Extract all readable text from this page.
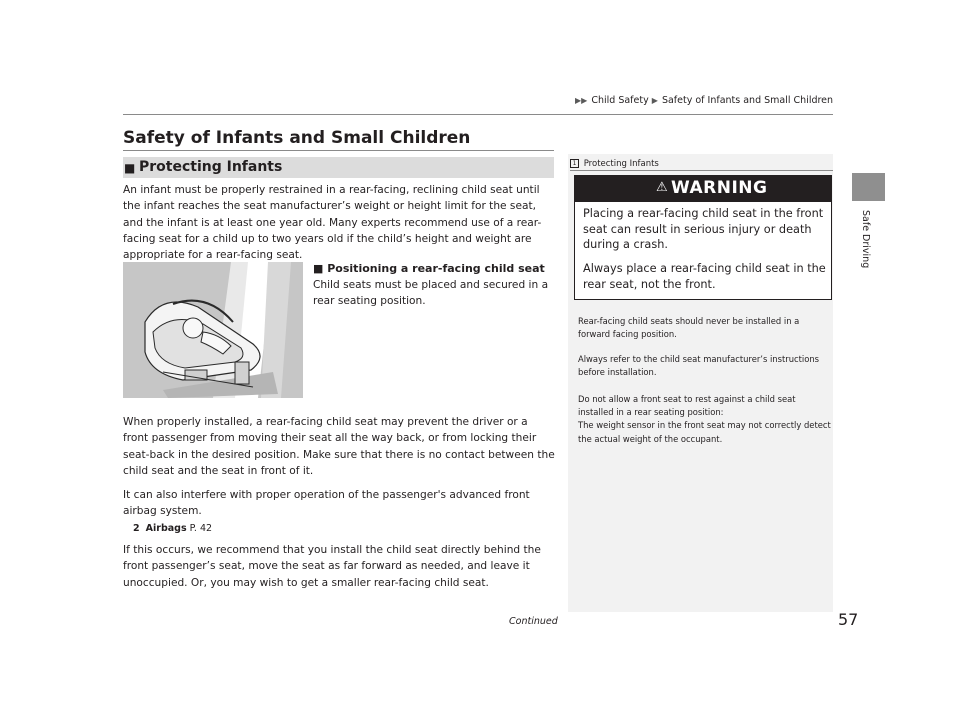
▶▶ Child Safety ▶ Safety of Infants and Small Children
Safe Driving
Safety of Infants and Small Children
■ Protecting Infants
An infant must be properly restrained in a rear-facing, reclining child seat until the infant reaches the seat manufacturer’s weight or height limit for the seat, and the infant is at least one year old. Many experts recommend use of a rear-facing seat for a child up to two years old if the child’s height and weight are appropriate for a rear-facing seat.
■ Positioning a rear-facing child seat
Child seats must be placed and secured in a rear seating position.
When properly installed, a rear-facing child seat may prevent the driver or a front passenger from moving their seat all the way back, or from locking their seat-back in the desired position. Make sure that there is no contact between the child seat and the seat in front of it.
It can also interfere with proper operation of the passenger's advanced front airbag system.
2 Airbags P. 42
If this occurs, we recommend that you install the child seat directly behind the front passenger’s seat, move the seat as far forward as needed, and leave it unoccupied. Or, you may wish to get a smaller rear-facing child seat.
1 Protecting Infants
⚠ WARNING
Placing a rear-facing child seat in the front seat can result in serious injury or death during a crash.
Always place a rear-facing child seat in the rear seat, not the front.
Rear-facing child seats should never be installed in a forward facing position.
Always refer to the child seat manufacturer’s instructions before installation.
Do not allow a front seat to rest against a child seat installed in a rear seating position:
The weight sensor in the front seat may not correctly detect the actual weight of the occupant.
Continued	57
